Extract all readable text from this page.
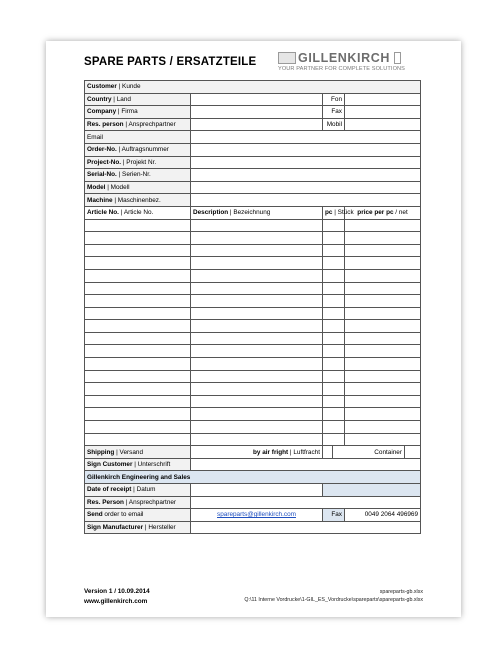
SPARE PARTS / ERSATZTEILE	GILLENKIRCH
YOUR PARTNER FOR COMPLETE SOLUTIONS
Customer | Kunde					
Country | Land		Fon			
Company | Firma		Fax			
Res. person | Ansprechpartner		Mobil			
Email					
Order-No. | Auftragsnummer					
Project-No. | Projekt Nr.					
Serial-No. | Serien-Nr.					
Model | Modell					
Machine | Maschinenbez.					
Article No. | Article No.	Description | Bezeichnung	pc | Stück		price per pc / net	

Shipping | Versand	by air fright | Luftfracht		Container		
Sign Customer | Unterschrift					
Gillenkirch Engineering and Sales					
Date of receipt | Datum					
Res. Person | Ansprechpartner					
Send order to email	spareparts@gillenkirch.com	Fax		0049 2064 496969	
Sign Manufacturer | Hersteller					
Version 1 / 10.09.2014
www.gillenkirch.com
spareparts-gb.xlsx
Q:\11 Interne Vordrucke\1-GIL_ES_Vordrucke\spareparts\spareparts-gb.xlsx
